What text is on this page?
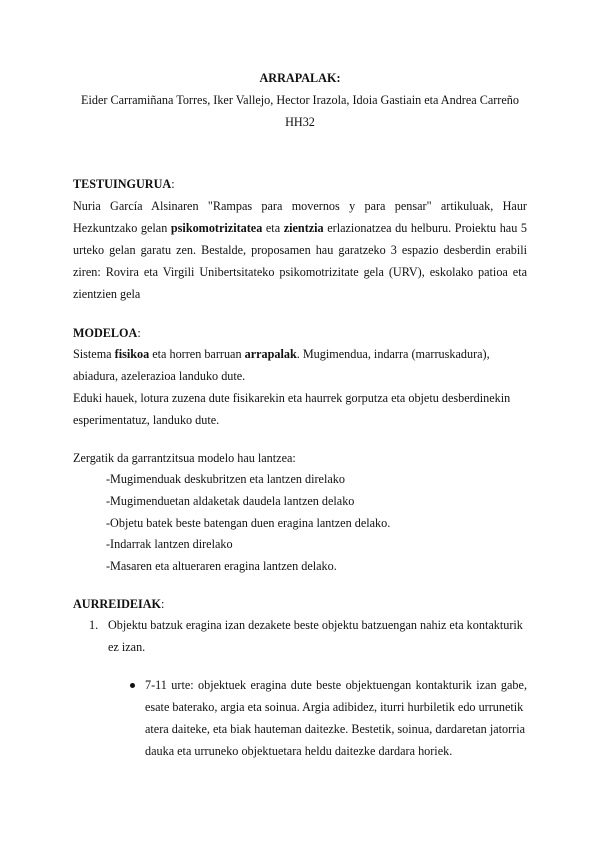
ARRAPALAK:
Eider Carramiñana Torres, Iker Vallejo, Hector Irazola, Idoia Gastiain eta Andrea Carreño
HH32
TESTUINGURUA:
Nuria García Alsinaren "Rampas para movernos y para pensar" artikuluak, Haur
Hezkuntzako gelan psikomotrizitatea eta zientzia erlazionatzea du helburu. Proiektu hau 5
urteko gelan garatu zen. Bestalde, proposamen hau garatzeko 3 espazio desberdin erabili
ziren: Rovira eta Virgili Unibertsitateko psikomotrizitate gela (URV), eskolako patioa eta
zientzien gela
MODELOA:
Sistema fisikoa eta horren barruan arrapalak. Mugimendua, indarra (marruskadura),
abiadura, azelerazioa landuko dute.
Eduki hauek, lotura zuzena dute fisikarekin eta haurrek gorputza eta objetu desberdinekin
esperimentatuz, landuko dute.
Zergatik da garrantzitsua modelo hau lantzea:
-Mugimenduak deskubritzen eta lantzen direlako
-Mugimenduetan aldaketak daudela lantzen delako
-Objetu batek beste batengan duen eragina lantzen delako.
-Indarrak lantzen direlako
-Masaren eta altueraren eragina lantzen delako.
AURREIDEIAK:
1. Objektu batzuk eragina izan dezakete beste objektu batzuengan nahiz eta kontakturik
ez izan.
7-11 urte: objektuek eragina dute beste objektuengan kontakturik izan gabe,
esate baterako, argia eta soinua. Argia adibidez, iturri hurbiletik edo urrunetik
atera daiteke, eta biak hauteman daitezke. Bestetik, soinua, dardaretan jatorria
dauka eta urruneko objektuetara heldu daitezke dardara horiek.
